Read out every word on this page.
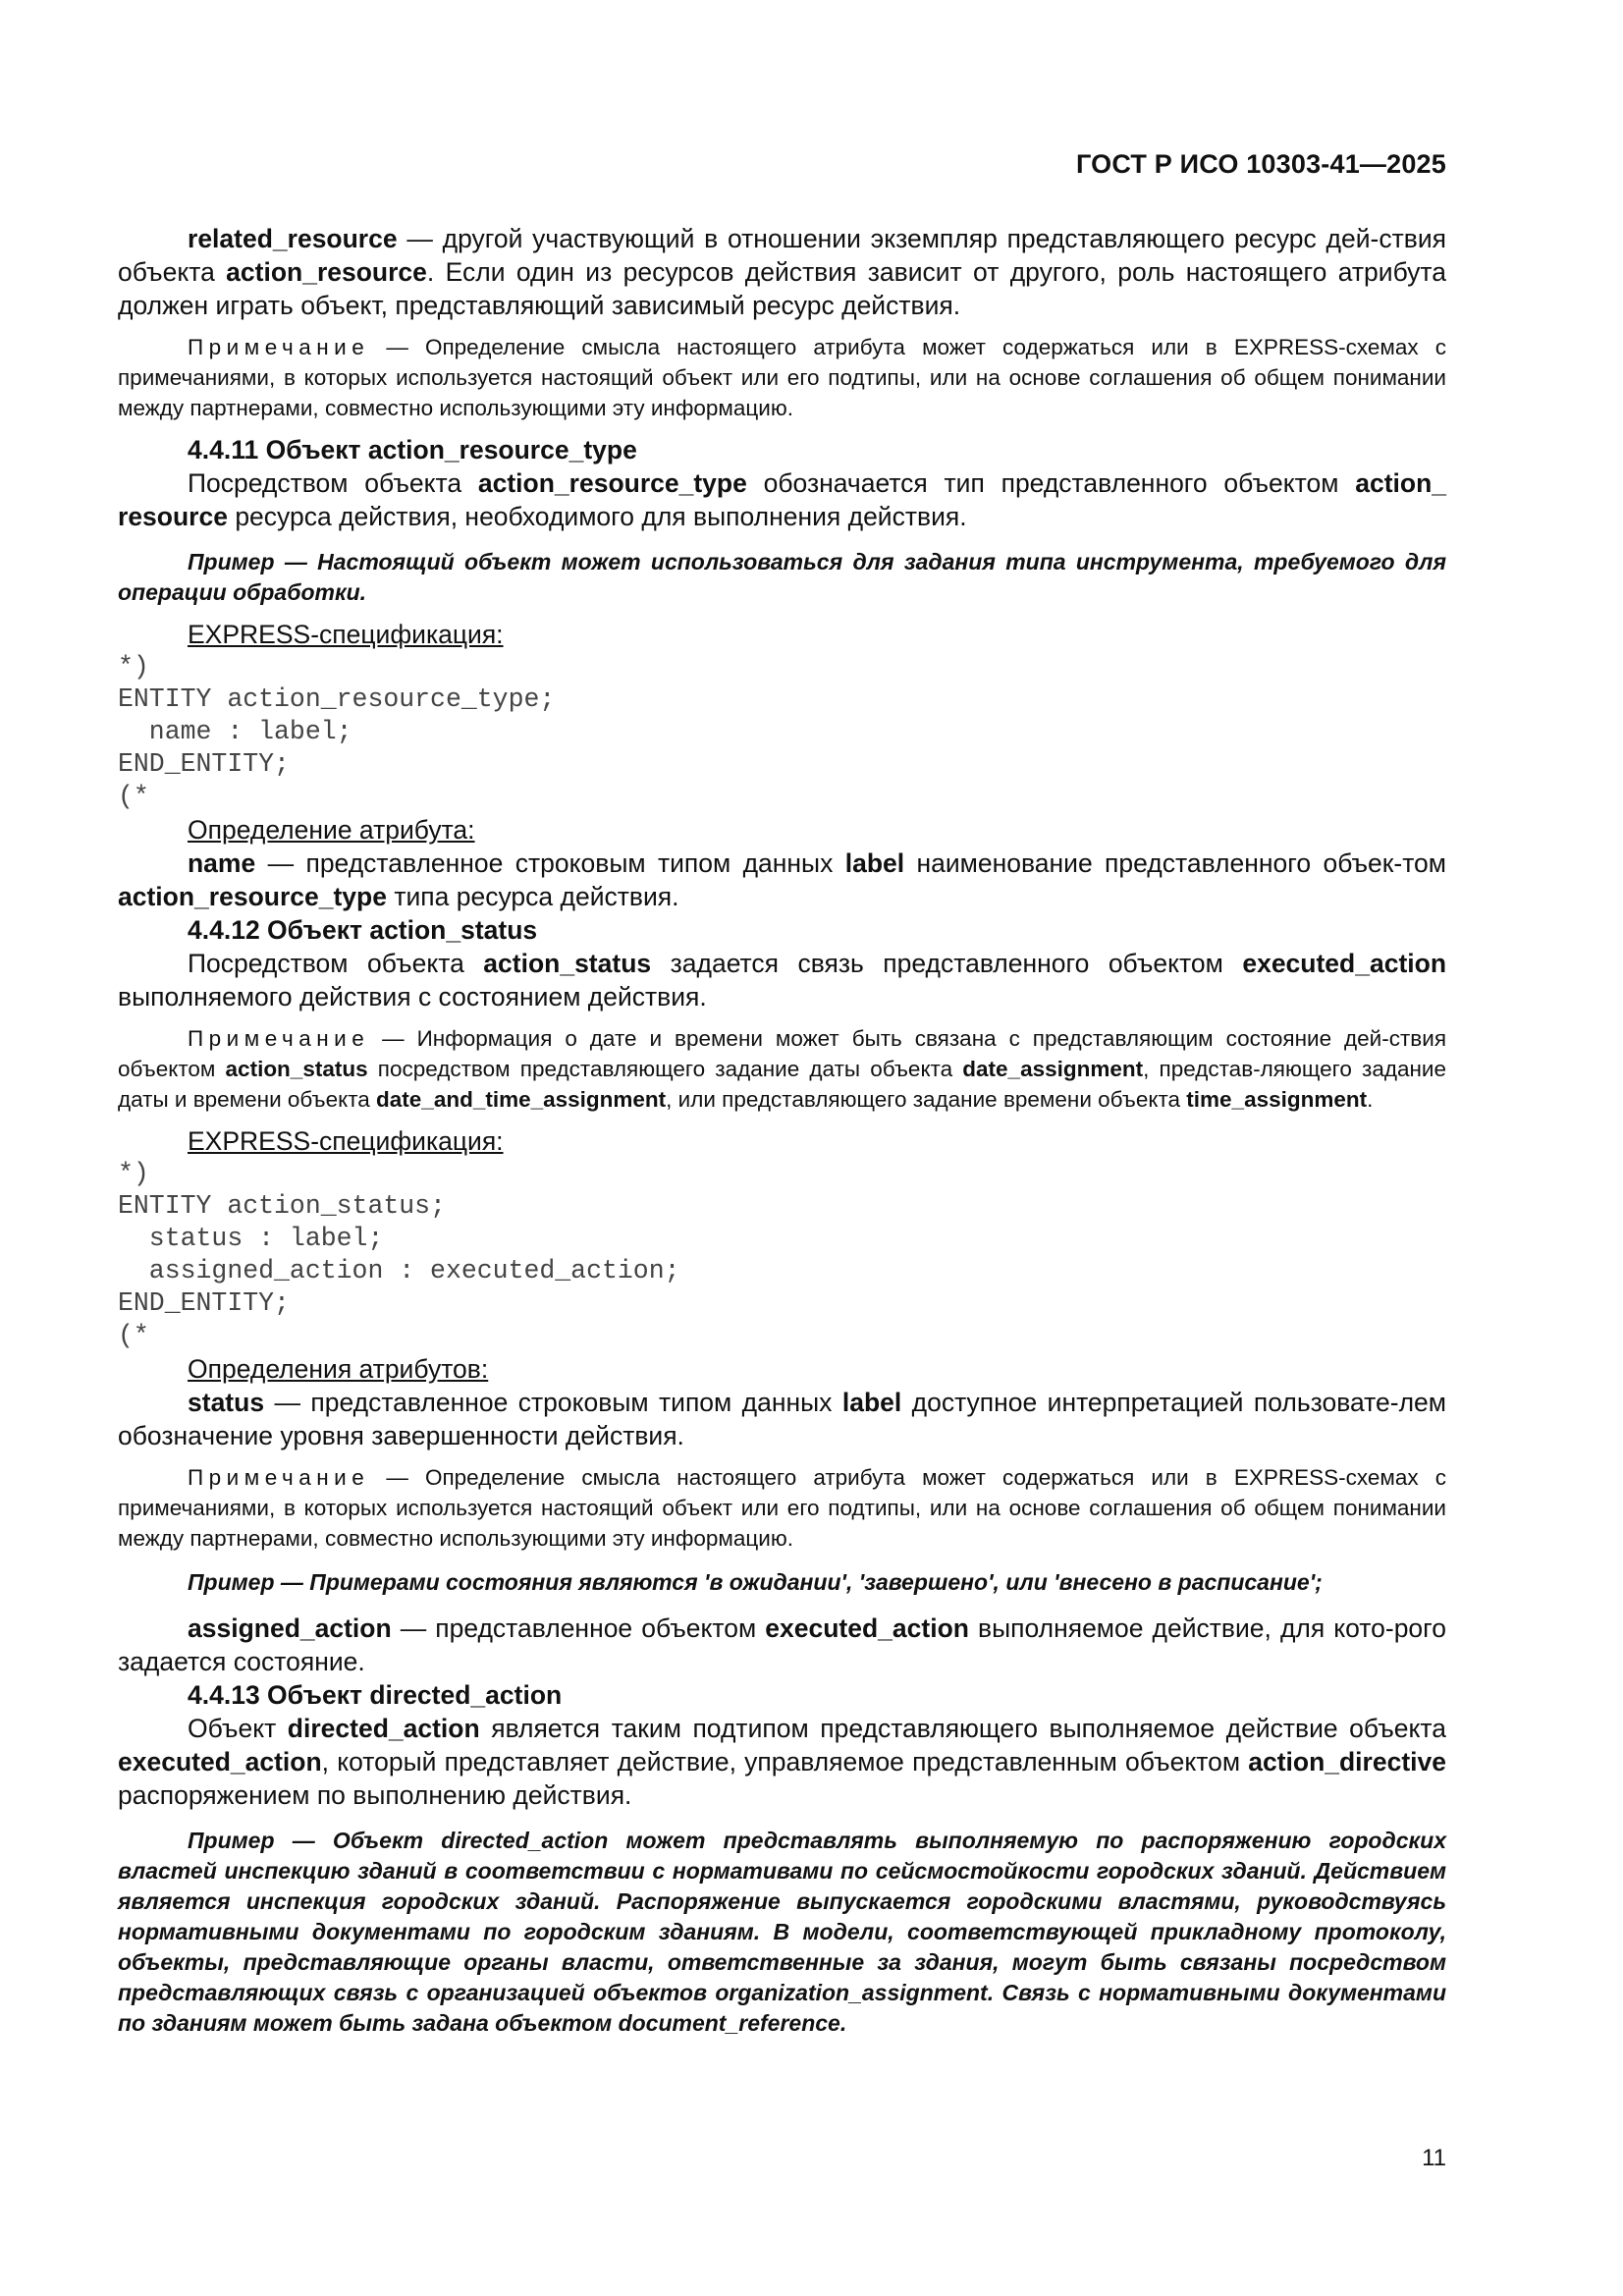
ГОСТ Р ИСО 10303-41—2025

related_resource — другой участвующий в отношении экземпляр представляющего ресурс дей-ствия объекта action_resource. Если один из ресурсов действия зависит от другого, роль настоящего атрибута должен играть объект, представляющий зависимый ресурс действия.

Примечание — Определение смысла настоящего атрибута может содержаться или в EXPRESS-схемах с примечаниями, в которых используется настоящий объект или его подтипы, или на основе соглашения об общем понимании между партнерами, совместно использующими эту информацию.

4.4.11 Объект action_resource_type

Посредством объекта action_resource_type обозначается тип представленного объектом action_ resource ресурса действия, необходимого для выполнения действия.

Пример — Настоящий объект может использоваться для задания типа инструмента, требуемого для операции обработки.

EXPRESS-спецификация:

*)
ENTITY action_resource_type;
name : label;
END_ENTITY;
(*

Определение атрибута:

name — представленное строковым типом данных label наименование представленного объек-том action_resource_type типа ресурса действия.

4.4.12 Объект action_status

Посредством объекта action_status задается связь представленного объектом executed_action выполняемого действия с состоянием действия.

Примечание — Информация о дате и времени может быть связана с представляющим состояние дей-ствия объектом action_status посредством представляющего задание даты объекта date_assignment, представ-ляющего задание даты и времени объекта date_and_time_assignment, или представляющего задание времени объекта time_assignment.

EXPRESS-спецификация:

*)
ENTITY action_status;
status : label;
assigned_action : executed_action;
END_ENTITY;
(*

Определения атрибутов:

status — представленное строковым типом данных label доступное интерпретацией пользовате-лем обозначение уровня завершенности действия.

Примечание — Определение смысла настоящего атрибута может содержаться или в EXPRESS-схемах с примечаниями, в которых используется настоящий объект или его подтипы, или на основе соглашения об общем понимании между партнерами, совместно использующими эту информацию.

Пример — Примерами состояния являются 'в ожидании', 'завершено', или 'внесено в расписание';

assigned_action — представленное объектом executed_action выполняемое действие, для кото-рого задается состояние.

4.4.13 Объект directed_action

Объект directed_action является таким подтипом представляющего выполняемое действие объекта executed_action, который представляет действие, управляемое представленным объектом action_directive распоряжением по выполнению действия.

Пример — Объект directed_action может представлять выполняемую по распоряжению городских властей инспекцию зданий в соответствии с нормативами по сейсмостойкости городских зданий. Действием является инспекция городских зданий. Распоряжение выпускается городскими властями, руководствуясь нормативными документами по городским зданиям. В модели, соответствующей прикладному протоколу, объекты, представляющие органы власти, ответственные за здания, могут быть связаны посредством представляющих связь с организацией объектов organization_assignment. Связь с нормативными документами по зданиям может быть задана объектом document_reference.

11
